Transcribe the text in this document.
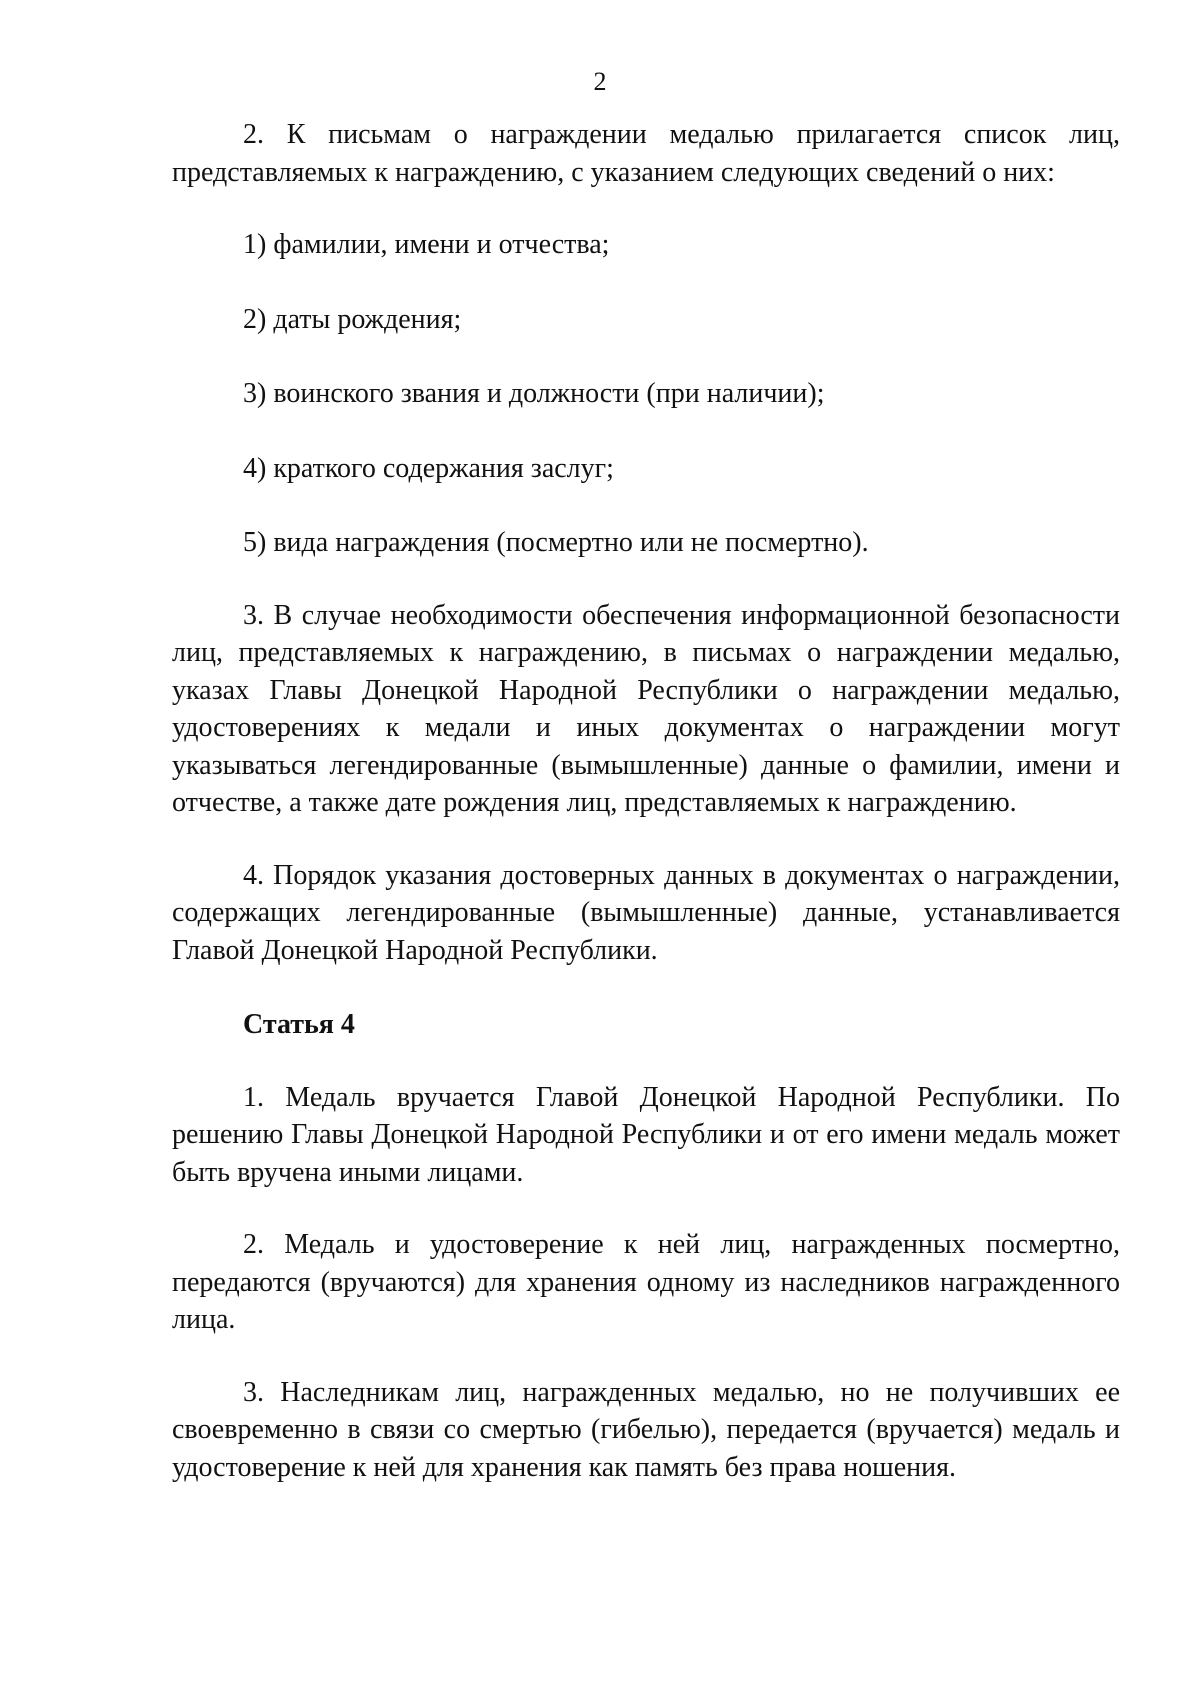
2

2. К письмам о награждении медалью прилагается список лиц, представляемых к награждению, с указанием следующих сведений о них:

1) фамилии, имени и отчества;

2) даты рождения;

3) воинского звания и должности (при наличии);

4) краткого содержания заслуг;

5) вида награждения (посмертно или не посмертно).

3. В случае необходимости обеспечения информационной безопасности лиц, представляемых к награждению, в письмах о награждении медалью, указах Главы Донецкой Народной Республики о награждении медалью, удостоверениях к медали и иных документах о награждении могут указываться легендированные (вымышленные) данные о фамилии, имени и отчестве, а также дате рождения лиц, представляемых к награждению.

4. Порядок указания достоверных данных в документах о награждении, содержащих легендированные (вымышленные) данные, устанавливается Главой Донецкой Народной Республики.

Статья 4

1. Медаль вручается Главой Донецкой Народной Республики. По решению Главы Донецкой Народной Республики и от его имени медаль может быть вручена иными лицами.

2. Медаль и удостоверение к ней лиц, награжденных посмертно, передаются (вручаются) для хранения одному из наследников награжденного лица.

3. Наследникам лиц, награжденных медалью, но не получивших ее своевременно в связи со смертью (гибелью), передается (вручается) медаль и удостоверение к ней для хранения как память без права ношения.
